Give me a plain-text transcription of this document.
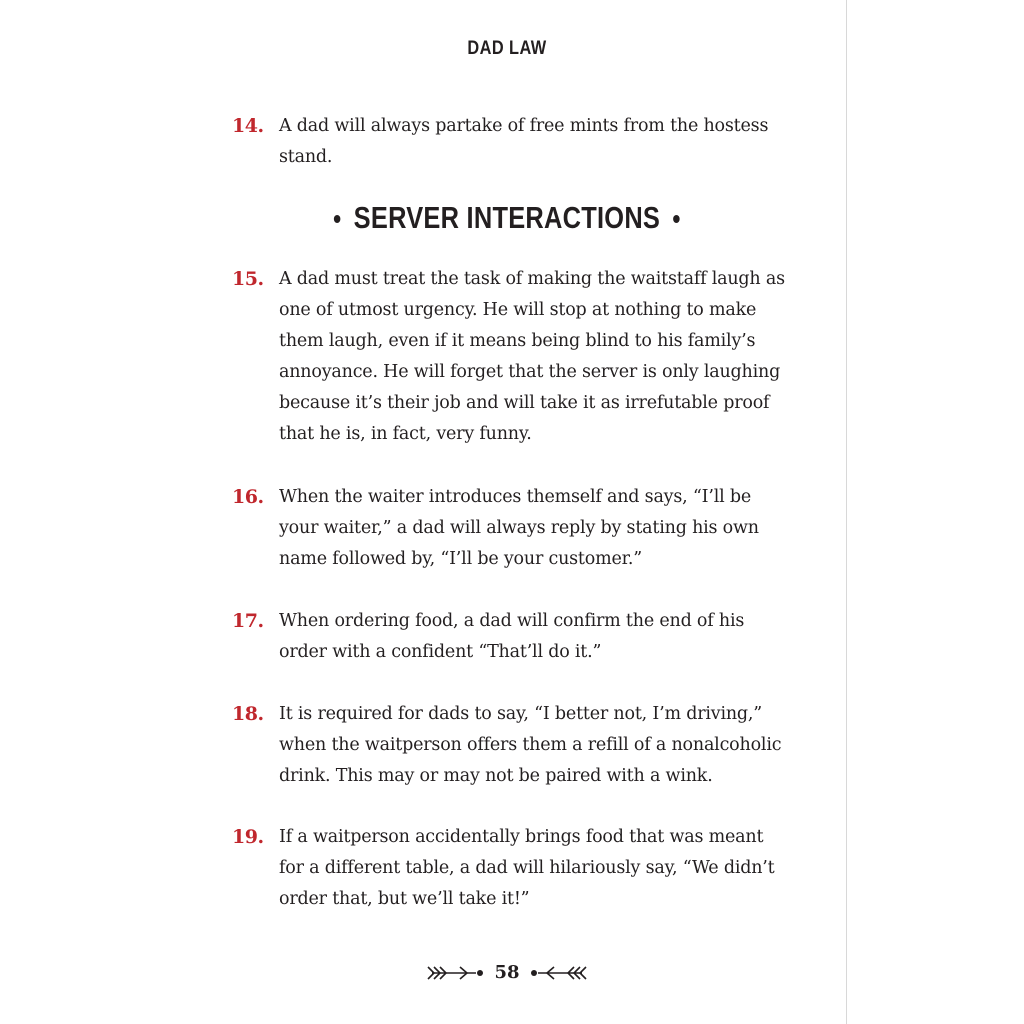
DAD LAW
14. A dad will always partake of free mints from the hostess stand.
• SERVER INTERACTIONS •
15. A dad must treat the task of making the waitstaff laugh as one of utmost urgency. He will stop at nothing to make them laugh, even if it means being blind to his family’s annoyance. He will forget that the server is only laughing because it’s their job and will take it as irrefutable proof that he is, in fact, very funny.
16. When the waiter introduces themself and says, “I’ll be your waiter,” a dad will always reply by stating his own name followed by, “I’ll be your customer.”
17. When ordering food, a dad will confirm the end of his order with a confident “That’ll do it.”
18. It is required for dads to say, “I better not, I’m driving,” when the waitperson offers them a refill of a nonalcoholic drink. This may or may not be paired with a wink.
19. If a waitperson accidentally brings food that was meant for a different table, a dad will hilariously say, “We didn’t order that, but we’ll take it!”
58
